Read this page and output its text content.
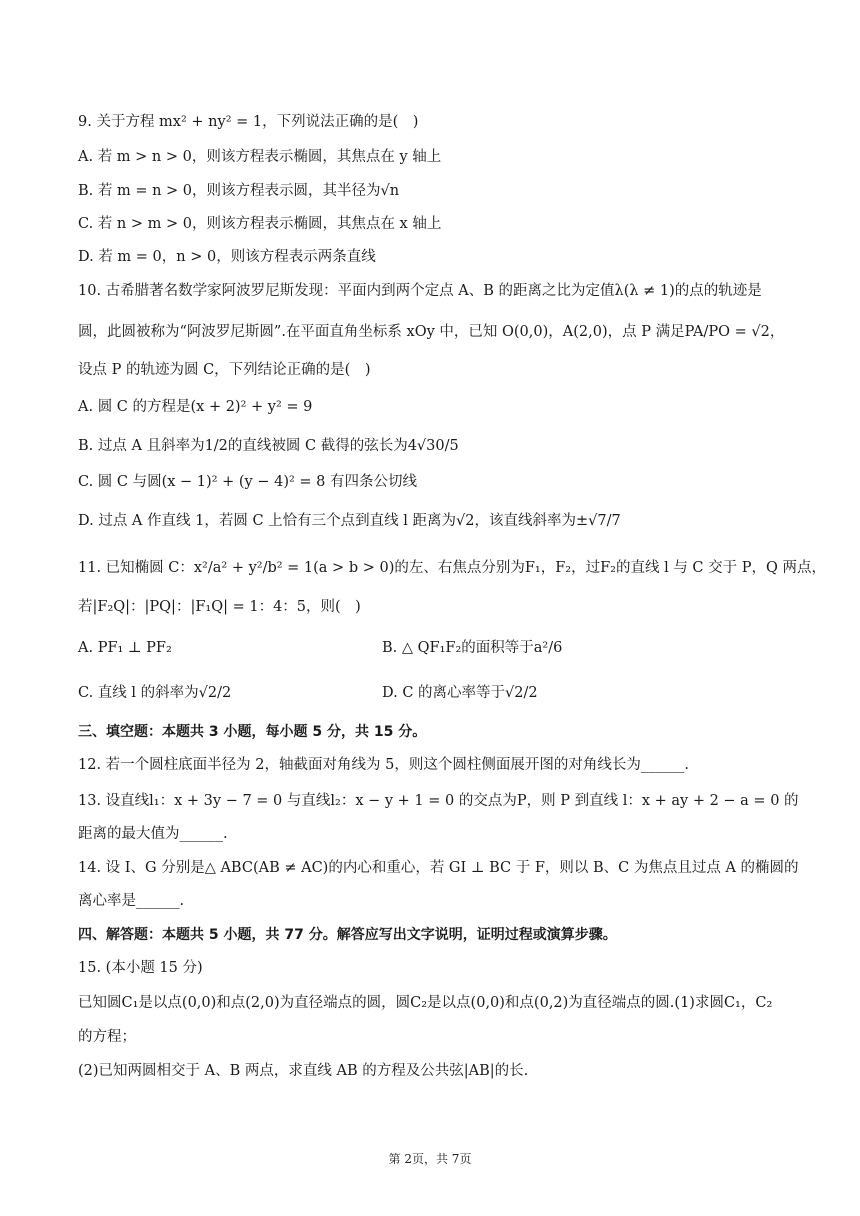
9. 关于方程 mx² + ny² = 1，下列说法正确的是(　)
A. 若 m > n > 0，则该方程表示椭圆，其焦点在 y 轴上
B. 若 m = n > 0，则该方程表示圆，其半径为√n
C. 若 n > m > 0，则该方程表示椭圆，其焦点在 x 轴上
D. 若 m = 0，n > 0，则该方程表示两条直线
10. 古希腊著名数学家阿波罗尼斯发现：平面内到两个定点 A、B 的距离之比为定值λ(λ ≠ 1)的点的轨迹是
圆，此圆被称为“阿波罗尼斯圆”.在平面直角坐标系 xOy 中，已知 O(0,0)，A(2,0)，点 P 满足PA/PO = √2，
设点 P 的轨迹为圆 C，下列结论正确的是(　)
A. 圆 C 的方程是(x + 2)² + y² = 9
B. 过点 A 且斜率为1/2的直线被圆 C 截得的弦长为4√30/5
C. 圆 C 与圆(x − 1)² + (y − 4)² = 8 有四条公切线
D. 过点 A 作直线 1，若圆 C 上恰有三个点到直线 l 距离为√2，该直线斜率为±√7/7
11. 已知椭圆 C：x²/a² + y²/b² = 1(a > b > 0)的左、右焦点分别为F₁，F₂，过F₂的直线 l 与 C 交于 P，Q 两点，
若|F₂Q|：|PQ|：|F₁Q| = 1：4：5，则(　)
A. PF₁ ⊥ PF₂	B. △ QF₁F₂的面积等于a²/6
C. 直线 l 的斜率为√2/2	D. C 的离心率等于√2/2
三、填空题：本题共 3 小题，每小题 5 分，共 15 分。
12. 若一个圆柱底面半径为 2，轴截面对角线为 5，则这个圆柱侧面展开图的对角线长为______.
13. 设直线l₁：x + 3y − 7 = 0 与直线l₂：x − y + 1 = 0 的交点为P，则 P 到直线 l：x + ay + 2 − a = 0 的
距离的最大值为______.
14. 设 I、G 分别是△ ABC(AB ≠ AC)的内心和重心，若 GI ⊥ BC 于 F，则以 B、C 为焦点且过点 A 的椭圆的
离心率是______.
四、解答题：本题共 5 小题，共 77 分。解答应写出文字说明，证明过程或演算步骤。
15. (本小题 15 分)
已知圆C₁是以点(0,0)和点(2,0)为直径端点的圆，圆C₂是以点(0,0)和点(0,2)为直径端点的圆.(1)求圆C₁，C₂
的方程；
(2)已知两圆相交于 A、B 两点，求直线 AB 的方程及公共弦|AB|的长.
第 2页，共 7页
